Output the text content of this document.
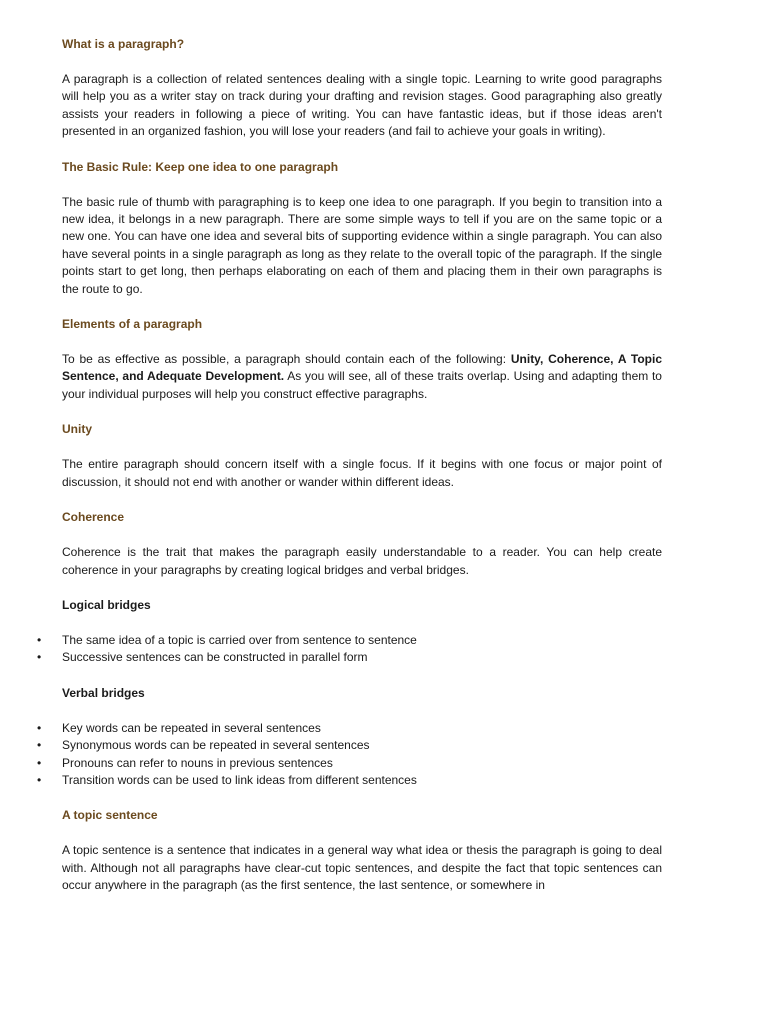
What is a paragraph?

A paragraph is a collection of related sentences dealing with a single topic. Learning to write good paragraphs will help you as a writer stay on track during your drafting and revision stages. Good paragraphing also greatly assists your readers in following a piece of writing. You can have fantastic ideas, but if those ideas aren't presented in an organized fashion, you will lose your readers (and fail to achieve your goals in writing).

The Basic Rule: Keep one idea to one paragraph

The basic rule of thumb with paragraphing is to keep one idea to one paragraph. If you begin to transition into a new idea, it belongs in a new paragraph. There are some simple ways to tell if you are on the same topic or a new one. You can have one idea and several bits of supporting evidence within a single paragraph. You can also have several points in a single paragraph as long as they relate to the overall topic of the paragraph. If the single points start to get long, then perhaps elaborating on each of them and placing them in their own paragraphs is the route to go.

Elements of a paragraph

To be as effective as possible, a paragraph should contain each of the following: Unity, Coherence, A Topic Sentence, and Adequate Development. As you will see, all of these traits overlap. Using and adapting them to your individual purposes will help you construct effective paragraphs.

Unity

The entire paragraph should concern itself with a single focus. If it begins with one focus or major point of discussion, it should not end with another or wander within different ideas.

Coherence

Coherence is the trait that makes the paragraph easily understandable to a reader. You can help create coherence in your paragraphs by creating logical bridges and verbal bridges.

Logical bridges
• The same idea of a topic is carried over from sentence to sentence
• Successive sentences can be constructed in parallel form
Verbal bridges
• Key words can be repeated in several sentences
• Synonymous words can be repeated in several sentences
• Pronouns can refer to nouns in previous sentences
• Transition words can be used to link ideas from different sentences
A topic sentence

A topic sentence is a sentence that indicates in a general way what idea or thesis the paragraph is going to deal with. Although not all paragraphs have clear-cut topic sentences, and despite the fact that topic sentences can occur anywhere in the paragraph (as the first sentence, the last sentence, or somewhere in
